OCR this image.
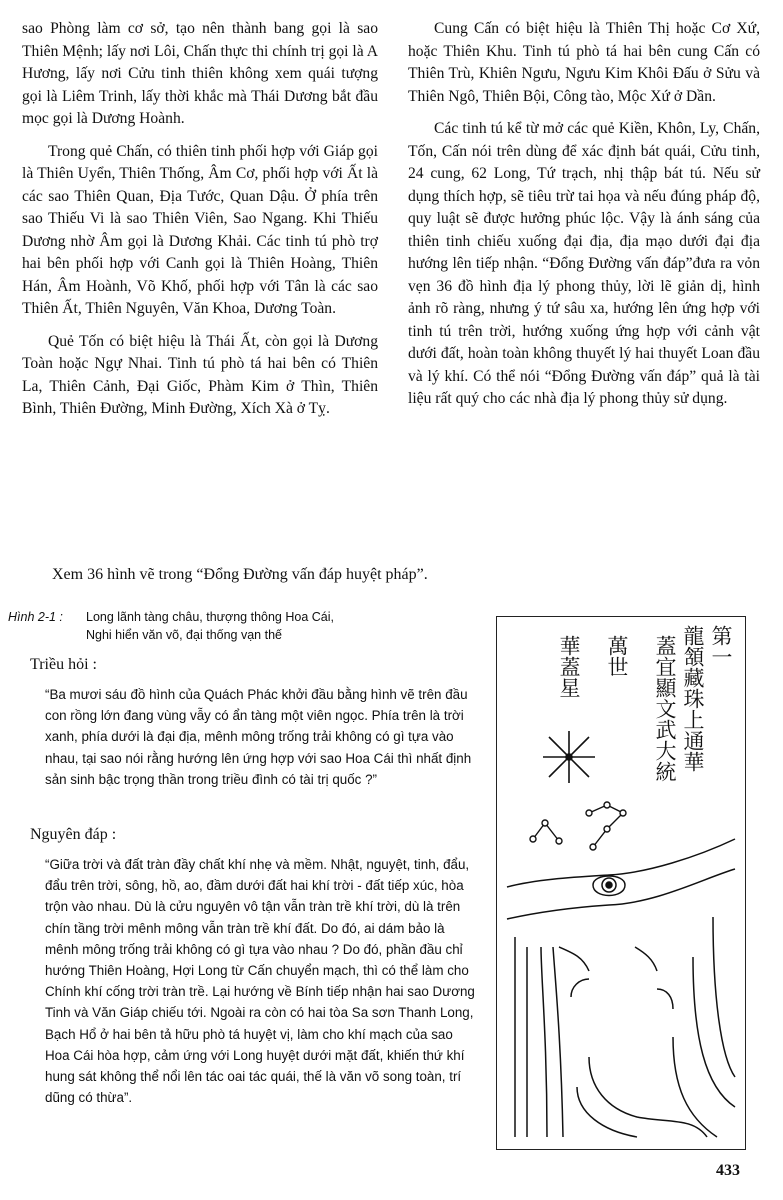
sao Phòng làm cơ sở, tạo nên thành bang gọi là sao Thiên Mệnh; lấy nơi Lôi, Chấn thực thi chính trị gọi là A Hương, lấy nơi Cửu tinh thiên không xem quái tượng gọi là Liêm Trinh, lấy thời khắc mà Thái Dương bắt đầu mọc gọi là Dương Hoành.

Trong quẻ Chấn, có thiên tinh phối hợp với Giáp gọi là Thiên Uyển, Thiên Thống, Âm Cơ, phối hợp với Ất là các sao Thiên Quan, Địa Tước, Quan Dậu. Ở phía trên sao Thiếu Vi là sao Thiên Viên, Sao Ngang. Khi Thiếu Dương nhờ Âm gọi là Dương Khải. Các tinh tú phò trợ hai bên phối hợp với Canh gọi là Thiên Hoàng, Thiên Hán, Âm Hoành, Võ Khố, phối hợp với Tân là các sao Thiên Ất, Thiên Nguyên, Văn Khoa, Dương Toàn.

Quẻ Tốn có biệt hiệu là Thái Ất, còn gọi là Dương Toàn hoặc Ngự Nhai. Tinh tú phò tá hai bên có Thiên La, Thiên Cảnh, Đại Giốc, Phàm Kim ở Thìn, Thiên Bình, Thiên Đường, Minh Đường, Xích Xà ở Tỵ.

Cung Cấn có biệt hiệu là Thiên Thị hoặc Cơ Xứ, hoặc Thiên Khu. Tinh tú phò tá hai bên cung Cấn có Thiên Trù, Khiên Ngưu, Ngưu Kim Khôi Đấu ở Sửu và Thiên Ngô, Thiên Bội, Công tào, Mộc Xứ ở Dần.

Các tinh tú kể từ mở các quẻ Kiền, Khôn, Ly, Chấn, Tốn, Cấn nói trên dùng để xác định bát quái, Cửu tinh, 24 cung, 62 Long, Tứ trạch, nhị thập bát tú. Nếu sử dụng thích hợp, sẽ tiêu trừ tai họa và nếu đúng pháp độ, quy luật sẽ được hưởng phúc lộc. Vậy là ánh sáng của thiên tinh chiếu xuống đại địa, địa mạo dưới đại địa hướng lên tiếp nhận. “Đổng Đường vấn đáp”đưa ra vỏn vẹn 36 đồ hình địa lý phong thủy, lời lẽ giản dị, hình ảnh rõ ràng, nhưng ý tứ sâu xa, hướng lên ứng hợp với tinh tú trên trời, hướng xuống ứng hợp với cảnh vật dưới đất, hoàn toàn không thuyết lý hai thuyết Loan đầu và lý khí. Có thể nói “Đổng Đường vấn đáp” quả là tài liệu rất quý cho các nhà địa lý phong thủy sử dụng.

Xem 36 hình vẽ trong “Đổng Đường vấn đáp huyệt pháp”.
Hình 2-1 : Long lãnh tàng châu, thượng thông Hoa Cái,
Nghi hiển văn võ, đại thống vạn thế
Triều hỏi :
“Ba mươi sáu đồ hình của Quách Phác khởi đầu bằng hình vẽ trên đầu con rồng lớn đang vùng vẫy có ẩn tàng một viên ngọc. Phía trên là trời xanh, phía dưới là đại địa, mênh mông trống trải không có gì tựa vào nhau, tại sao nói rằng hướng lên ứng hợp với sao Hoa Cái thì nhất định sản sinh bậc trọng thần trong triều đình có tài trị quốc ?”
Nguyên đáp :
“Giữa trời và đất tràn đầy chất khí nhẹ và mềm. Nhật, nguyệt, tinh, đẩu, đẩu trên trời, sông, hồ, ao, đầm dưới đất hai khí trời - đất tiếp xúc, hòa trộn vào nhau. Dù là cửu nguyên vô tận vẫn tràn trề khí trời, dù là trên chín tầng trời mênh mông vẫn tràn trề khí đất. Do đó, ai dám bảo là mênh mông trống trải không có gì tựa vào nhau ? Do đó, phần đầu chỉ hướng Thiên Hoàng, Hợi Long từ Cấn chuyển mạch, thì có thể làm cho Chính khí cống trời tràn trề. Lại hướng về Bính tiếp nhận hai sao Dương Tinh và Văn Giáp chiếu tới. Ngoài ra còn có hai tòa Sa sơn Thanh Long, Bạch Hổ ở hai bên tả hữu phò tá huyệt vị, làm cho khí mạch của sao Hoa Cái hòa hợp, cảm ứng với Long huyệt dưới mặt đất, khiến thứ khí hung sát không thể nổi lên tác oai tác quái, thế là văn võ song toàn, trí dũng có thừa”.
第一
龍頷藏珠上通華
蓋宜顯文武大統
萬世
華蓋星
433
